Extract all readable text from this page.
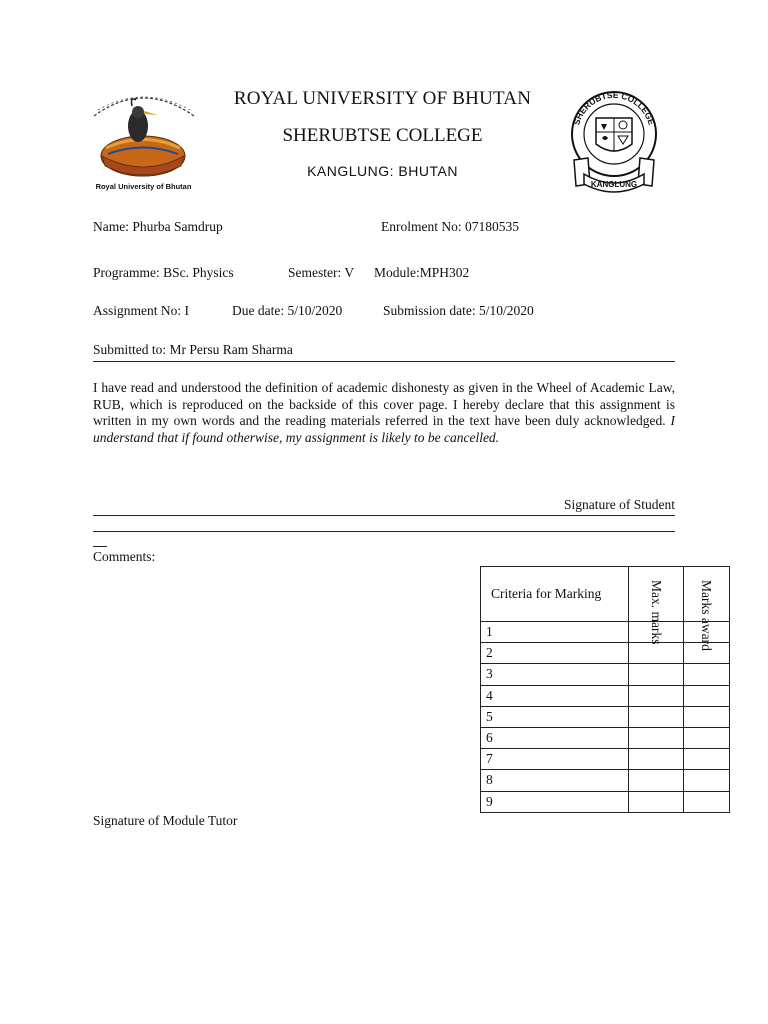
Royal University of Bhutan
SHERUBTSE COLLEGE
KANGLUNG
ROYAL UNIVERSITY OF BHUTAN
SHERUBTSE COLLEGE
KANGLUNG: BHUTAN
Name: Phurba Samdrup	Enrolment No: 07180535
Programme: BSc. Physics	Semester: V Module:MPH302
Assignment No: I	Due date: 5/10/2020	Submission date: 5/10/2020
Submitted to: Mr Persu Ram Sharma
I have read and understood the definition of academic dishonesty as given in the Wheel of Academic Law, RUB, which is reproduced on the backside of this cover page. I hereby declare that this assignment is written in my own words and the reading materials referred in the text have been duly acknowledged. I understand that if found otherwise, my assignment is likely to be cancelled.
Signature of Student
Comments:
Criteria for Marking	Max. marks	Marks award
1		
2		
3		
4		
5		
6		
7		
8		
9		
Signature of Module Tutor
